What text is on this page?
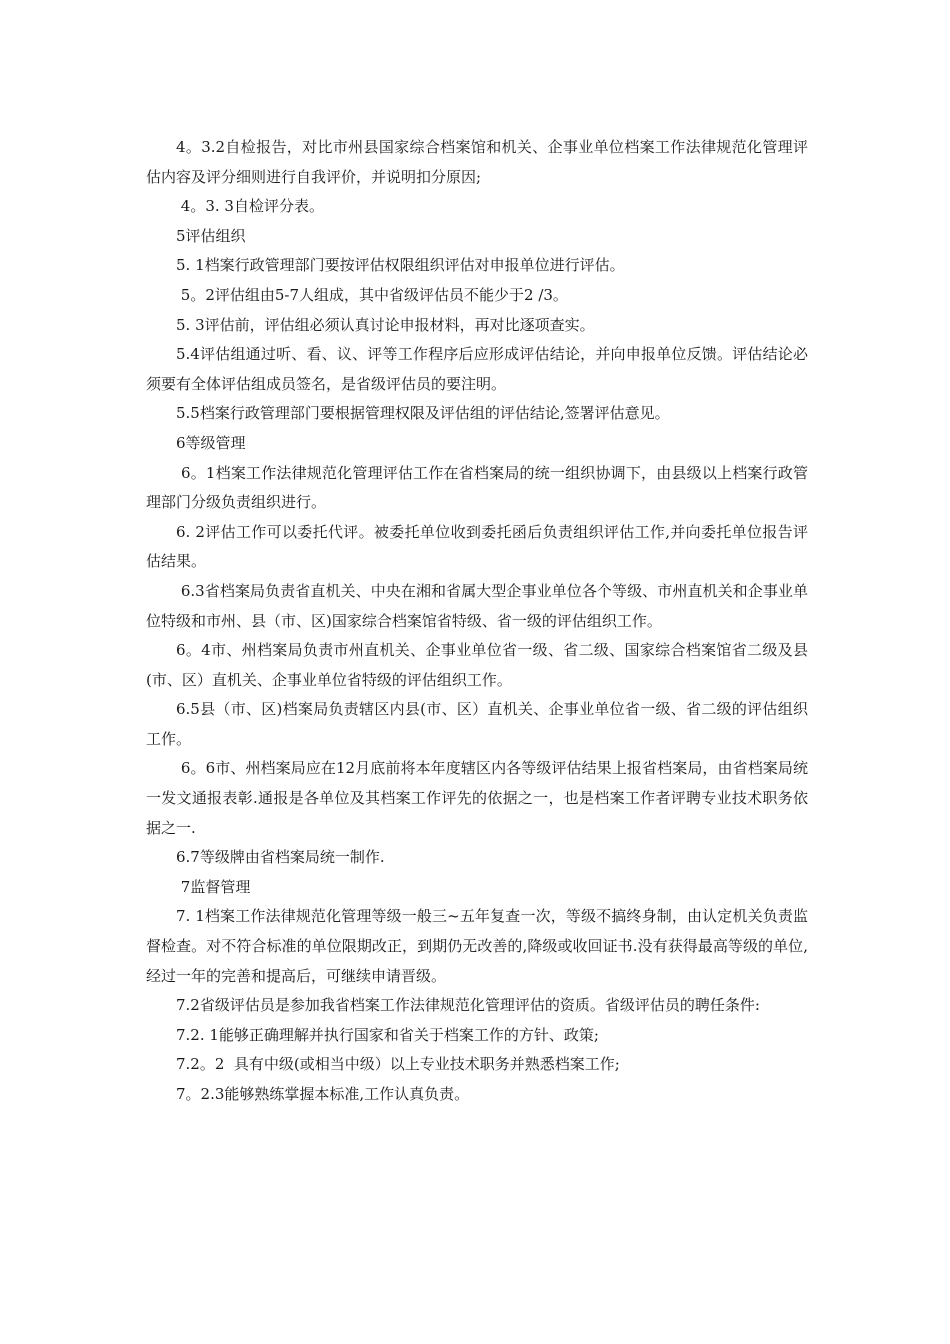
4。3.2自检报告，对比市州县国家综合档案馆和机关、企事业单位档案工作法律规范化管理评估内容及评分细则进行自我评价，并说明扣分原因;

4。3. 3自检评分表。

5评估组织

5. 1档案行政管理部门要按评估权限组织评估对申报单位进行评估。

5。2评估组由5-7人组成，其中省级评估员不能少于2 /3。

5. 3评估前，评估组必须认真讨论申报材料，再对比逐项查实。

5.4评估组通过听、看、议、评等工作程序后应形成评估结论，并向申报单位反馈。评估结论必须要有全体评估组成员签名，是省级评估员的要注明。

5.5档案行政管理部门要根据管理权限及评估组的评估结论,签署评估意见。

6等级管理

6。1档案工作法律规范化管理评估工作在省档案局的统一组织协调下，由县级以上档案行政管理部门分级负责组织进行。

6. 2评估工作可以委托代评。被委托单位收到委托函后负责组织评估工作,并向委托单位报告评估结果。

6.3省档案局负责省直机关、中央在湘和省属大型企事业单位各个等级、市州直机关和企事业单位特级和市州、县（市、区)国家综合档案馆省特级、省一级的评估组织工作。

6。4市、州档案局负责市州直机关、企事业单位省一级、省二级、国家综合档案馆省二级及县(市、区）直机关、企事业单位省特级的评估组织工作。

6.5县（市、区)档案局负责辖区内县(市、区）直机关、企事业单位省一级、省二级的评估组织工作。

6。6市、州档案局应在12月底前将本年度辖区内各等级评估结果上报省档案局，由省档案局统一发文通报表彰.通报是各单位及其档案工作评先的依据之一，也是档案工作者评聘专业技术职务依据之一.

6.7等级牌由省档案局统一制作.

7监督管理

7. 1档案工作法律规范化管理等级一般三~五年复查一次，等级不搞终身制，由认定机关负责监督检查。对不符合标准的单位限期改正，到期仍无改善的,降级或收回证书.没有获得最高等级的单位,经过一年的完善和提高后，可继续申请晋级。

7.2省级评估员是参加我省档案工作法律规范化管理评估的资质。省级评估员的聘任条件:

7.2. 1能够正确理解并执行国家和省关于档案工作的方针、政策;

7.2。2  具有中级(或相当中级）以上专业技术职务并熟悉档案工作;

7。2.3能够熟练掌握本标准,工作认真负责。
